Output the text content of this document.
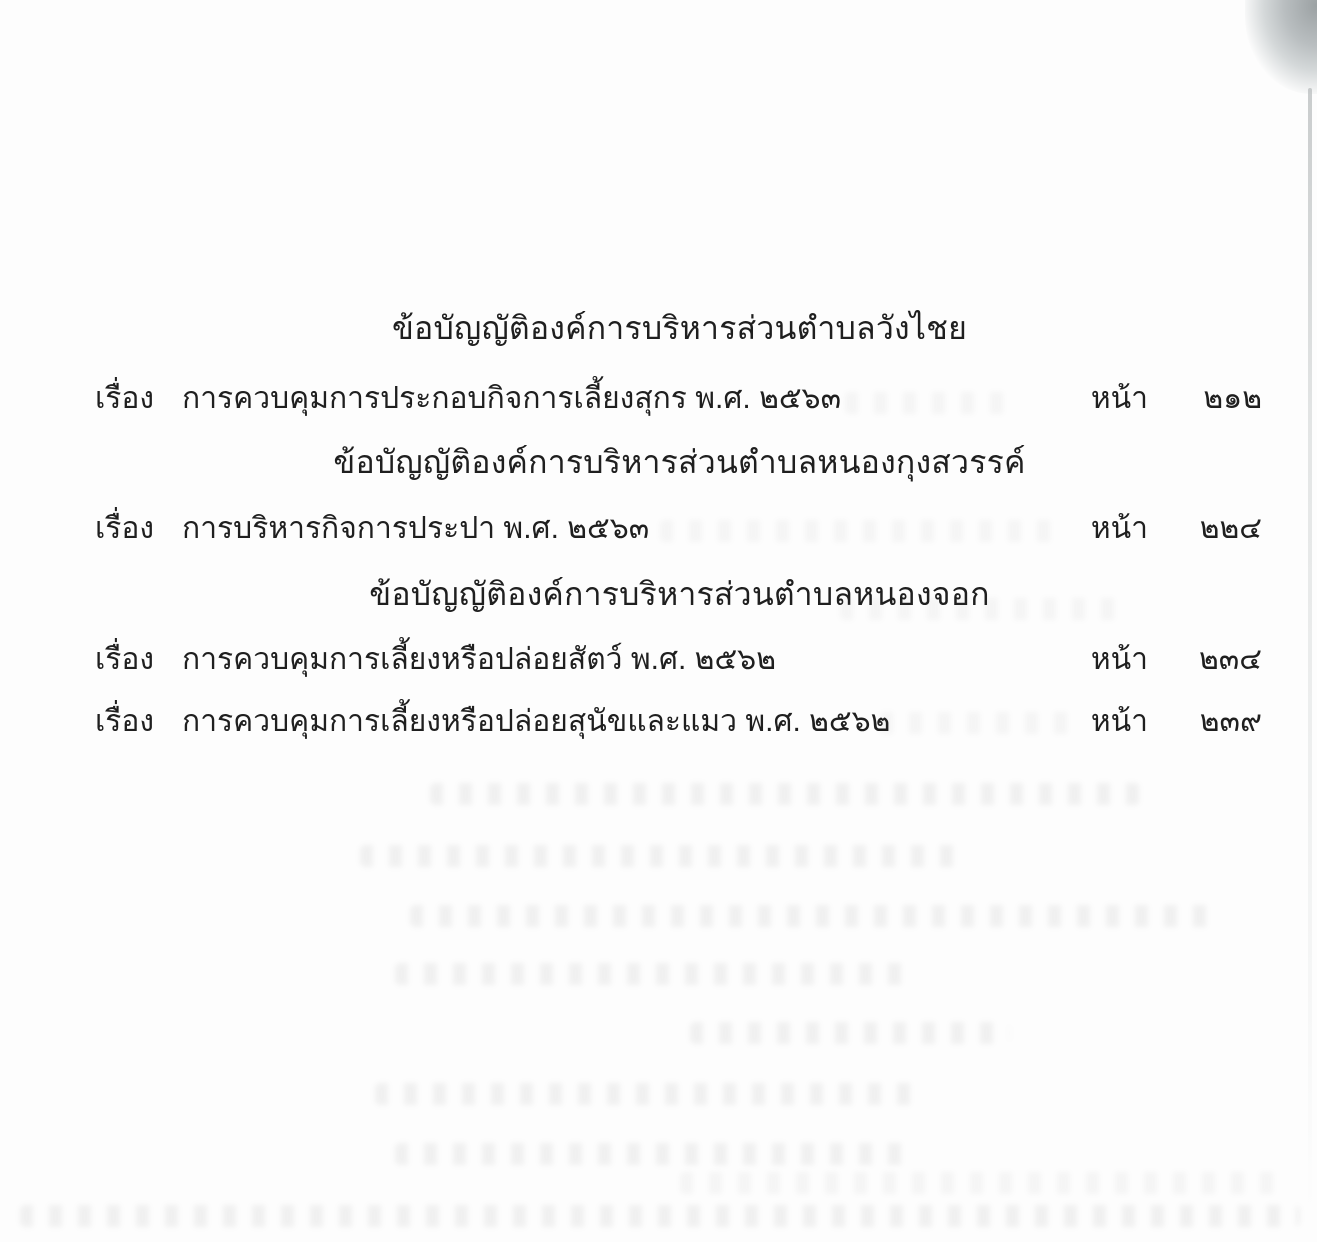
ข้อบัญญัติองค์การบริหารส่วนตำบลวังไชย
เรื่อง การควบคุมการประกอบกิจการเลี้ยงสุกร พ.ศ. ๒๕๖๓	หน้า ๒๑๒
ข้อบัญญัติองค์การบริหารส่วนตำบลหนองกุงสวรรค์
เรื่อง การบริหารกิจการประปา พ.ศ. ๒๕๖๓	หน้า ๒๒๔
ข้อบัญญัติองค์การบริหารส่วนตำบลหนองจอก
เรื่อง การควบคุมการเลี้ยงหรือปล่อยสัตว์ พ.ศ. ๒๕๖๒	หน้า ๒๓๔
เรื่อง การควบคุมการเลี้ยงหรือปล่อยสุนัขและแมว พ.ศ. ๒๕๖๒	หน้า ๒๓๙
